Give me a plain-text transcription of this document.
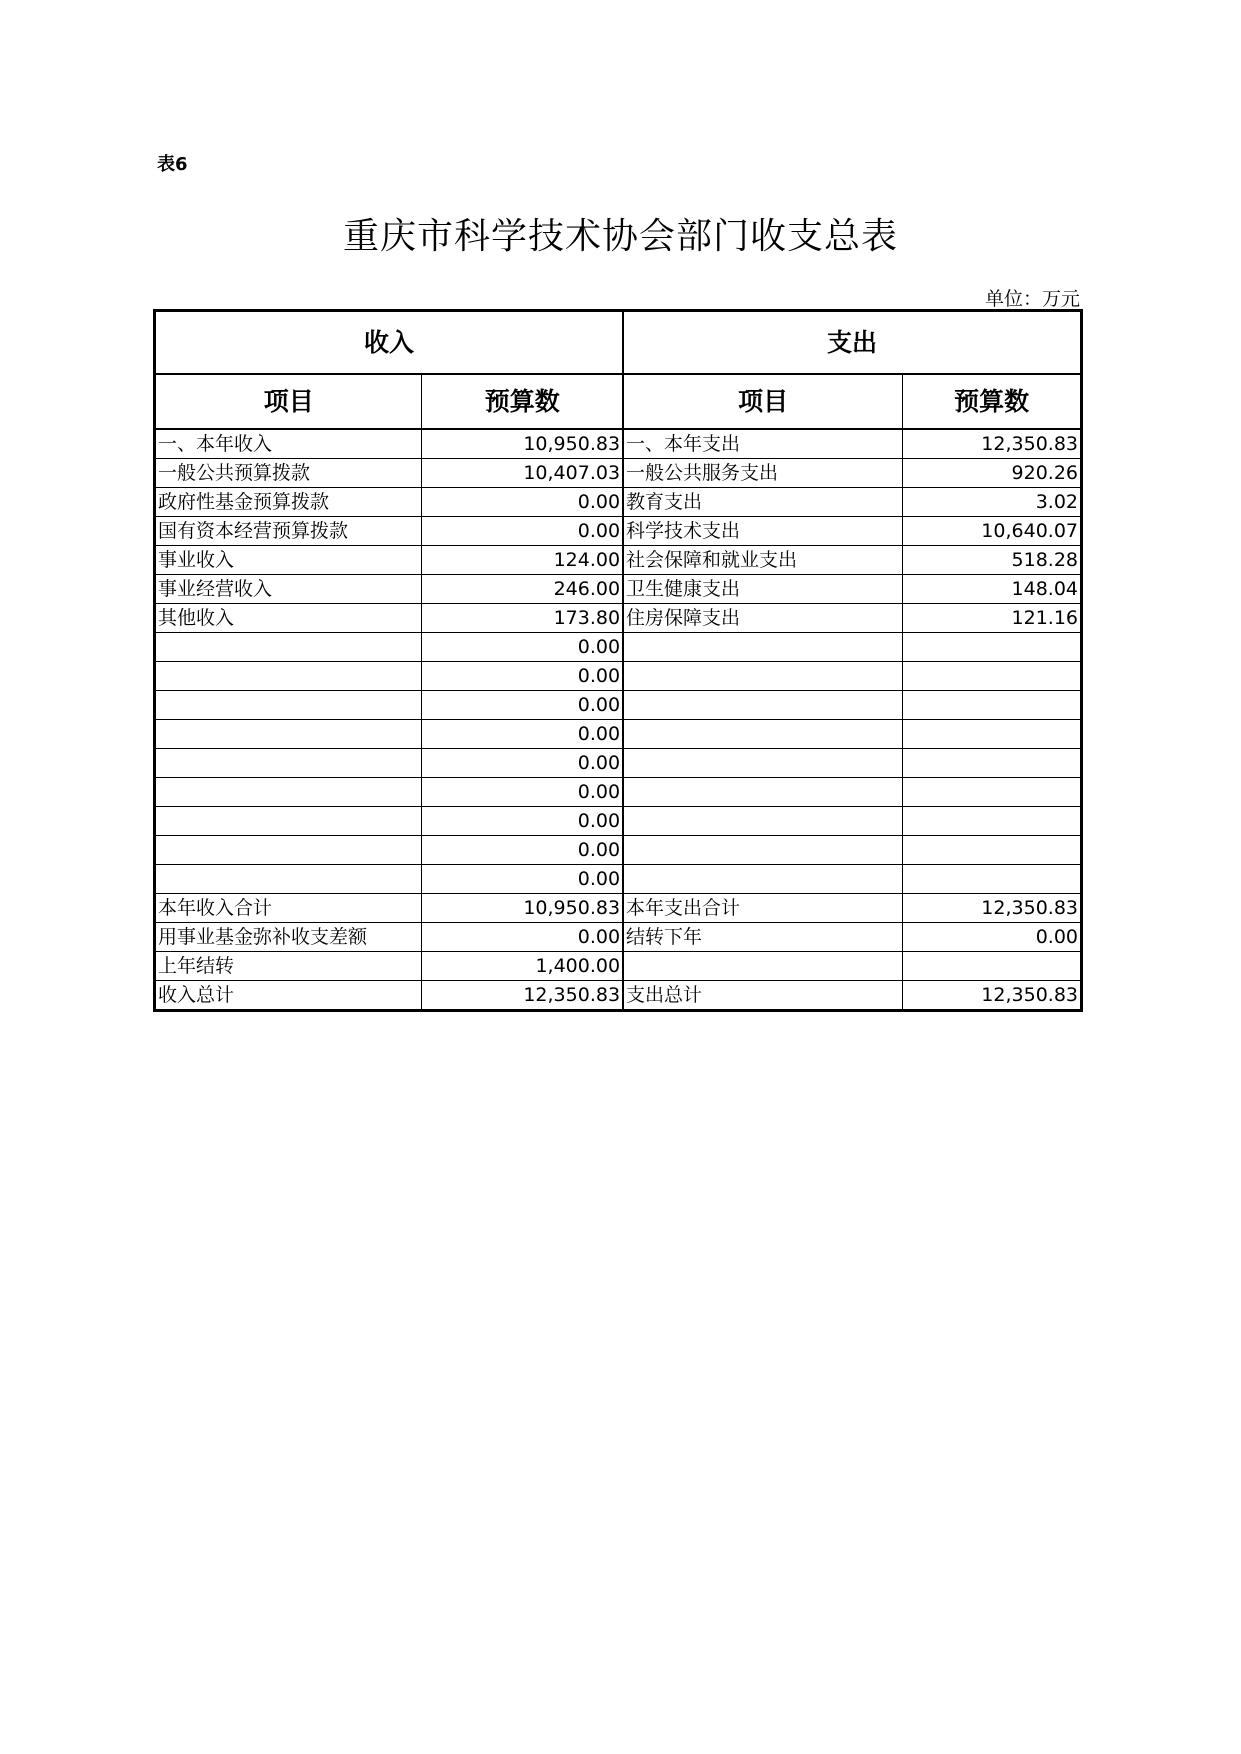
表6
重庆市科学技术协会部门收支总表
单位：万元
收入		支出	
项目	预算数	项目	预算数
一、本年收入	10,950.83	一、本年支出	12,350.83
一般公共预算拨款	10,407.03	一般公共服务支出	920.26
政府性基金预算拨款	0.00	教育支出	3.02
国有资本经营预算拨款	0.00	科学技术支出	10,640.07
事业收入	124.00	社会保障和就业支出	518.28
事业经营收入	246.00	卫生健康支出	148.04
其他收入	173.80	住房保障支出	121.16
	0.00		
	0.00		
	0.00		
	0.00		
	0.00		
	0.00		
	0.00		
	0.00		
	0.00		
本年收入合计	10,950.83	本年支出合计	12,350.83
用事业基金弥补收支差额	0.00	结转下年	0.00
上年结转	1,400.00		
收入总计	12,350.83	支出总计	12,350.83
